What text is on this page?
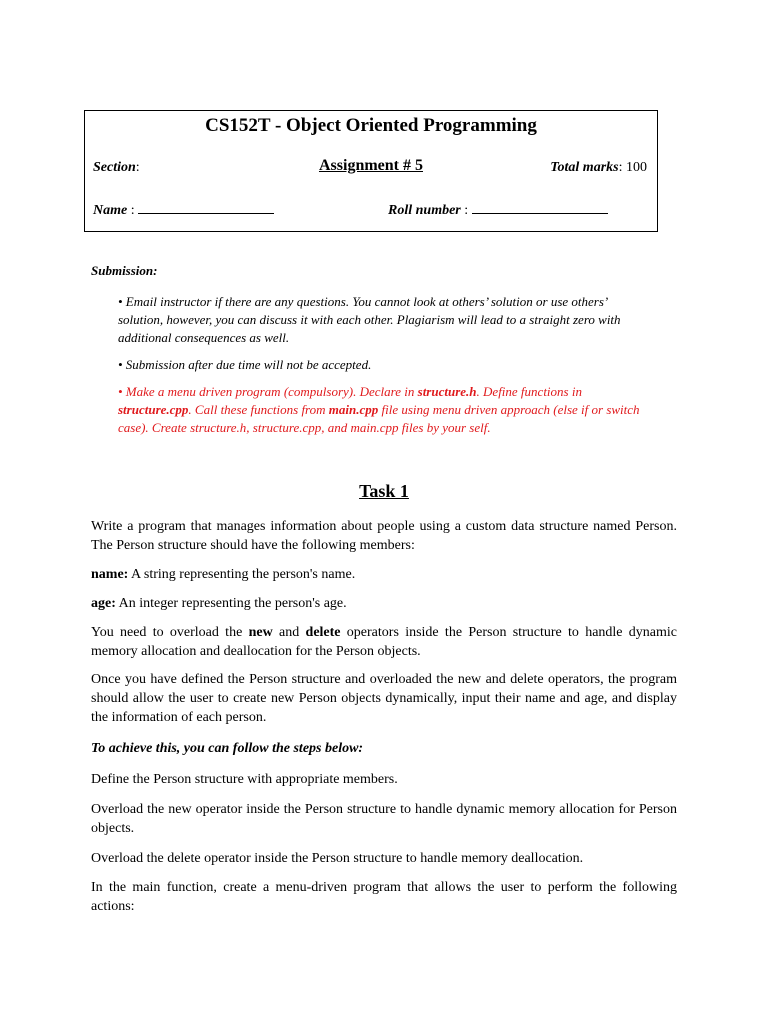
CS152T - Object Oriented Programming
Section:	Assignment # 5	Total marks: 100
Name :	Roll number :
Submission:
• Email instructor if there are any questions. You cannot look at others’ solution or use others’ solution, however, you can discuss it with each other. Plagiarism will lead to a straight zero with additional consequences as well.
• Submission after due time will not be accepted.
• Make a menu driven program (compulsory). Declare in structure.h. Define functions in structure.cpp. Call these functions from main.cpp file using menu driven approach (else if or switch case). Create structure.h, structure.cpp, and main.cpp files by your self.
Task 1
Write a program that manages information about people using a custom data structure named Person. The Person structure should have the following members:
name: A string representing the person's name.
age: An integer representing the person's age.
You need to overload the new and delete operators inside the Person structure to handle dynamic memory allocation and deallocation for the Person objects.
Once you have defined the Person structure and overloaded the new and delete operators, the program should allow the user to create new Person objects dynamically, input their name and age, and display the information of each person.
To achieve this, you can follow the steps below:
Define the Person structure with appropriate members.
Overload the new operator inside the Person structure to handle dynamic memory allocation for Person objects.
Overload the delete operator inside the Person structure to handle memory deallocation.
In the main function, create a menu-driven program that allows the user to perform the following actions:
